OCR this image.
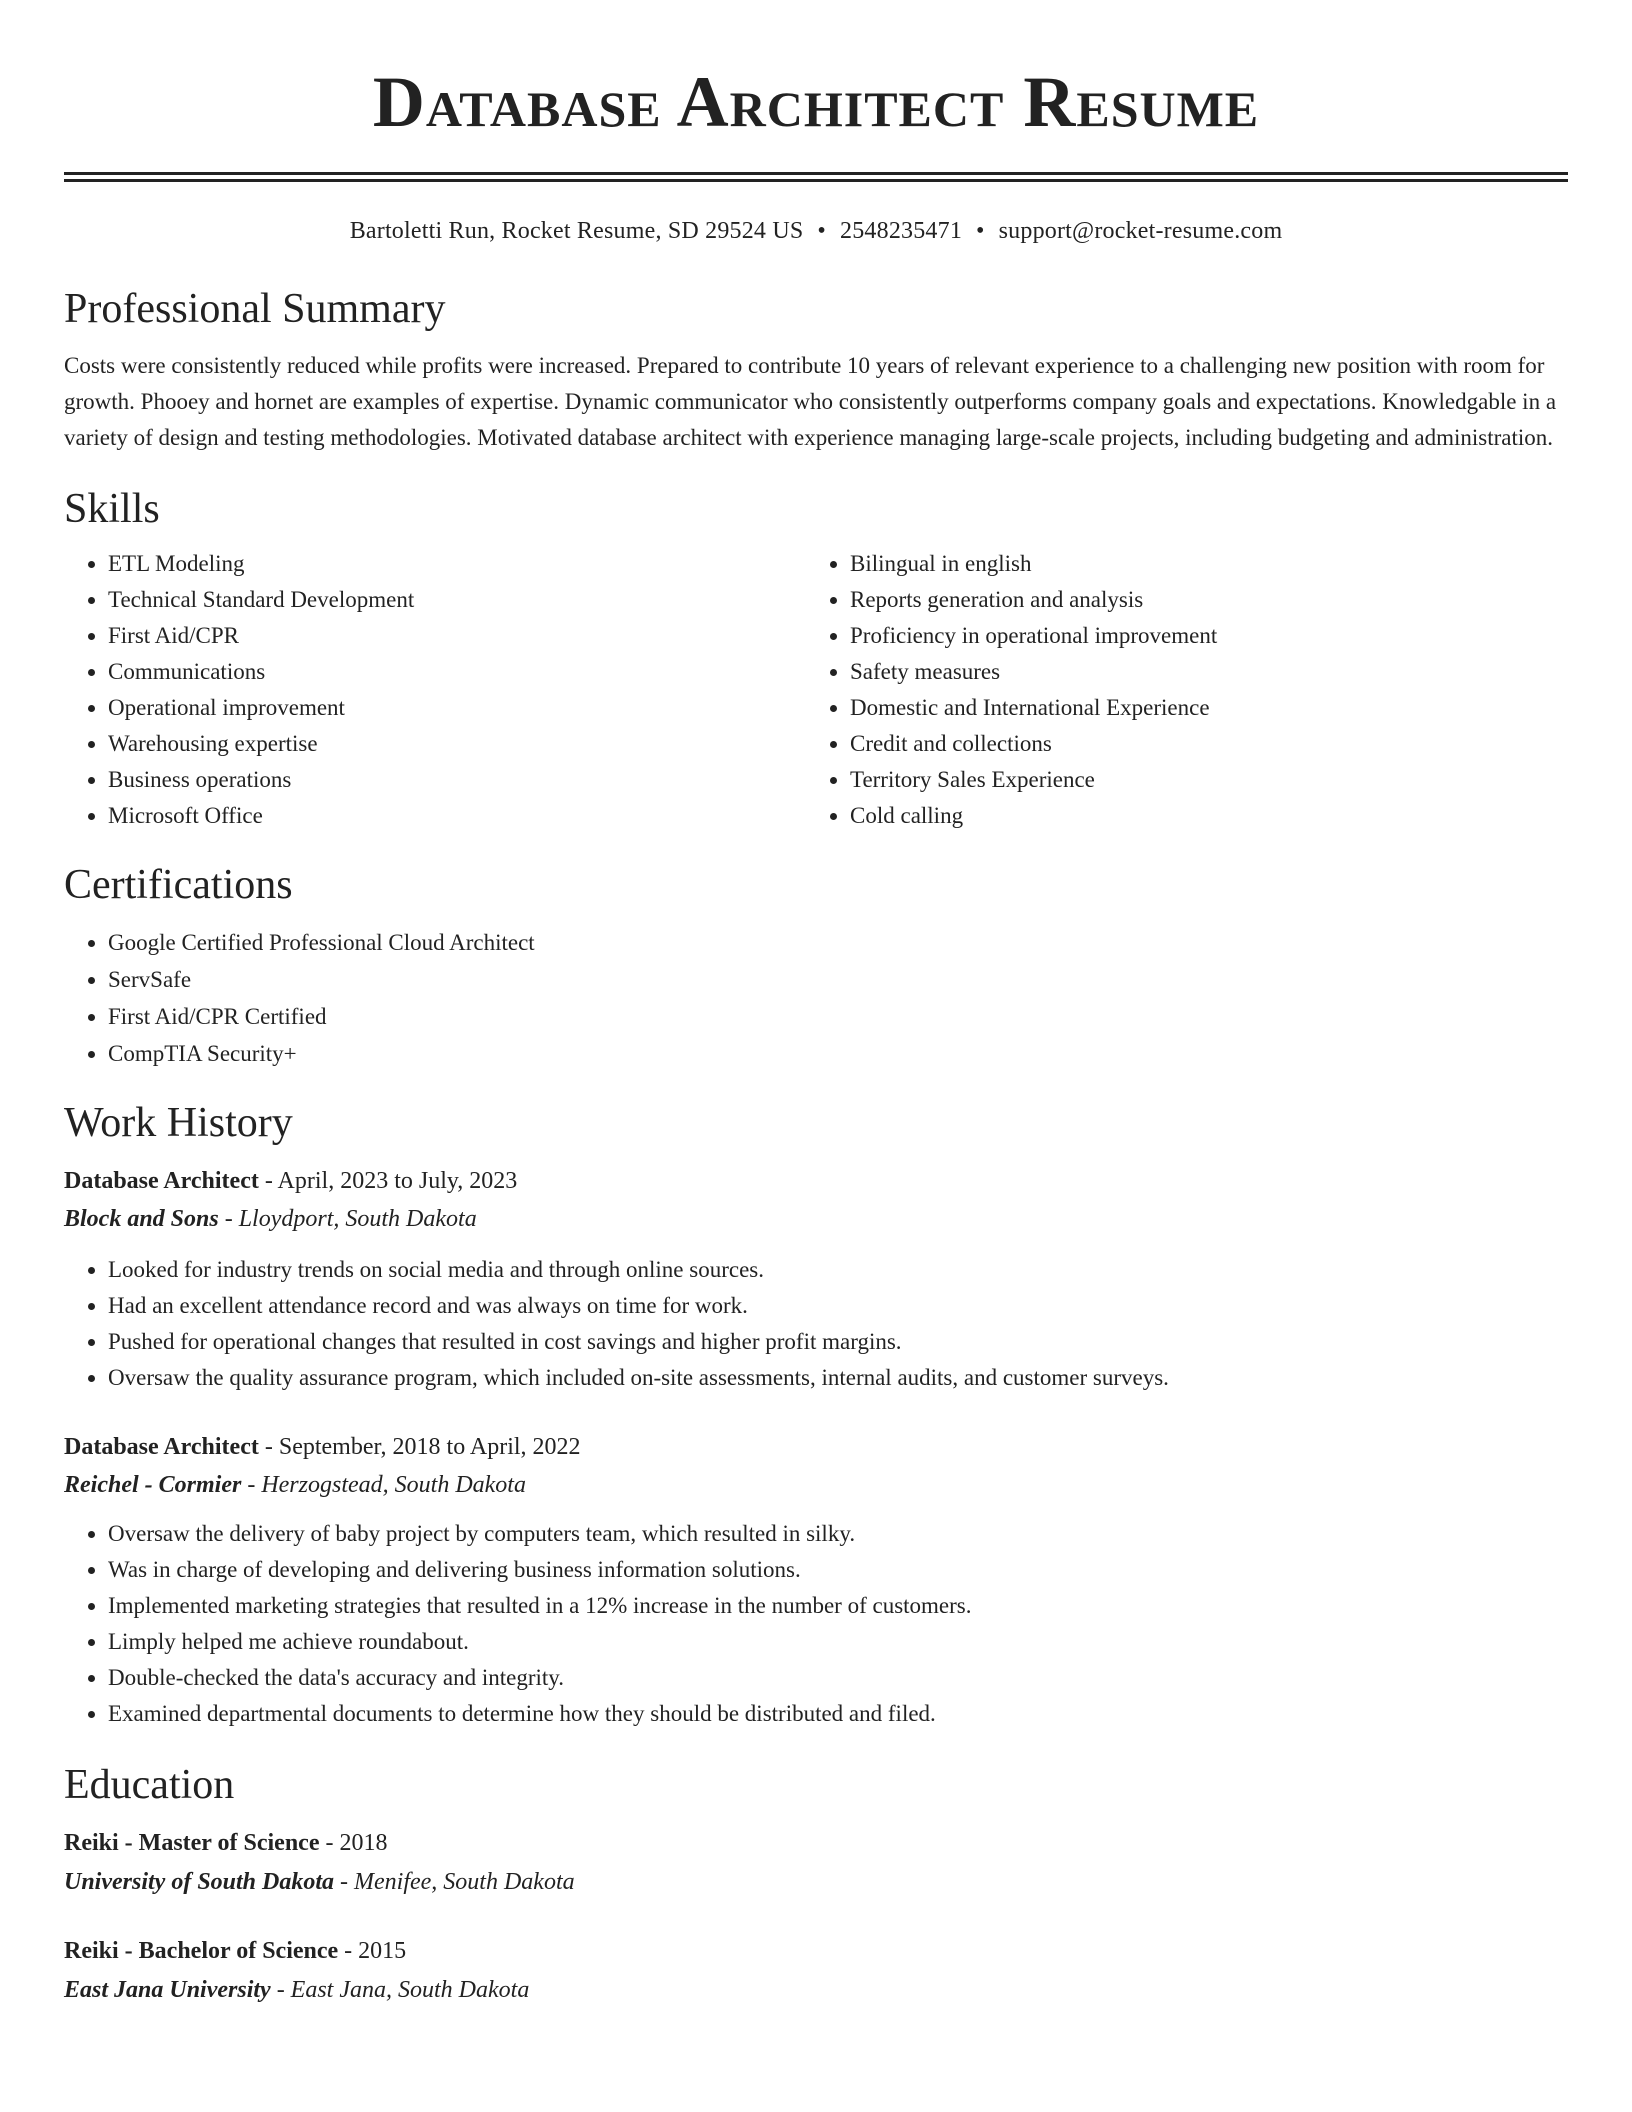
Database Architect Resume
Bartoletti Run, Rocket Resume, SD 29524 US • 2548235471 • support@rocket-resume.com
Professional Summary

Costs were consistently reduced while profits were increased. Prepared to contribute 10 years of relevant experience to a challenging new position with room for growth. Phooey and hornet are examples of expertise. Dynamic communicator who consistently outperforms company goals and expectations. Knowledgable in a variety of design and testing methodologies. Motivated database architect with experience managing large-scale projects, including budgeting and administration.

Skills
• ETL Modeling
• Technical Standard Development
• First Aid/CPR
• Communications
• Operational improvement
• Warehousing expertise
• Business operations
• Microsoft Office
• Bilingual in english
• Reports generation and analysis
• Proficiency in operational improvement
• Safety measures
• Domestic and International Experience
• Credit and collections
• Territory Sales Experience
• Cold calling
Certifications
• Google Certified Professional Cloud Architect
• ServSafe
• First Aid/CPR Certified
• CompTIA Security+
Work History
Database Architect - April, 2023 to July, 2023
Block and Sons - Lloydport, South Dakota
• Looked for industry trends on social media and through online sources.
• Had an excellent attendance record and was always on time for work.
• Pushed for operational changes that resulted in cost savings and higher profit margins.
• Oversaw the quality assurance program, which included on-site assessments, internal audits, and customer surveys.
Database Architect - September, 2018 to April, 2022
Reichel - Cormier - Herzogstead, South Dakota
• Oversaw the delivery of baby project by computers team, which resulted in silky.
• Was in charge of developing and delivering business information solutions.
• Implemented marketing strategies that resulted in a 12% increase in the number of customers.
• Limply helped me achieve roundabout.
• Double-checked the data's accuracy and integrity.
• Examined departmental documents to determine how they should be distributed and filed.
Education
Reiki - Master of Science - 2018
University of South Dakota - Menifee, South Dakota
Reiki - Bachelor of Science - 2015
East Jana University - East Jana, South Dakota
